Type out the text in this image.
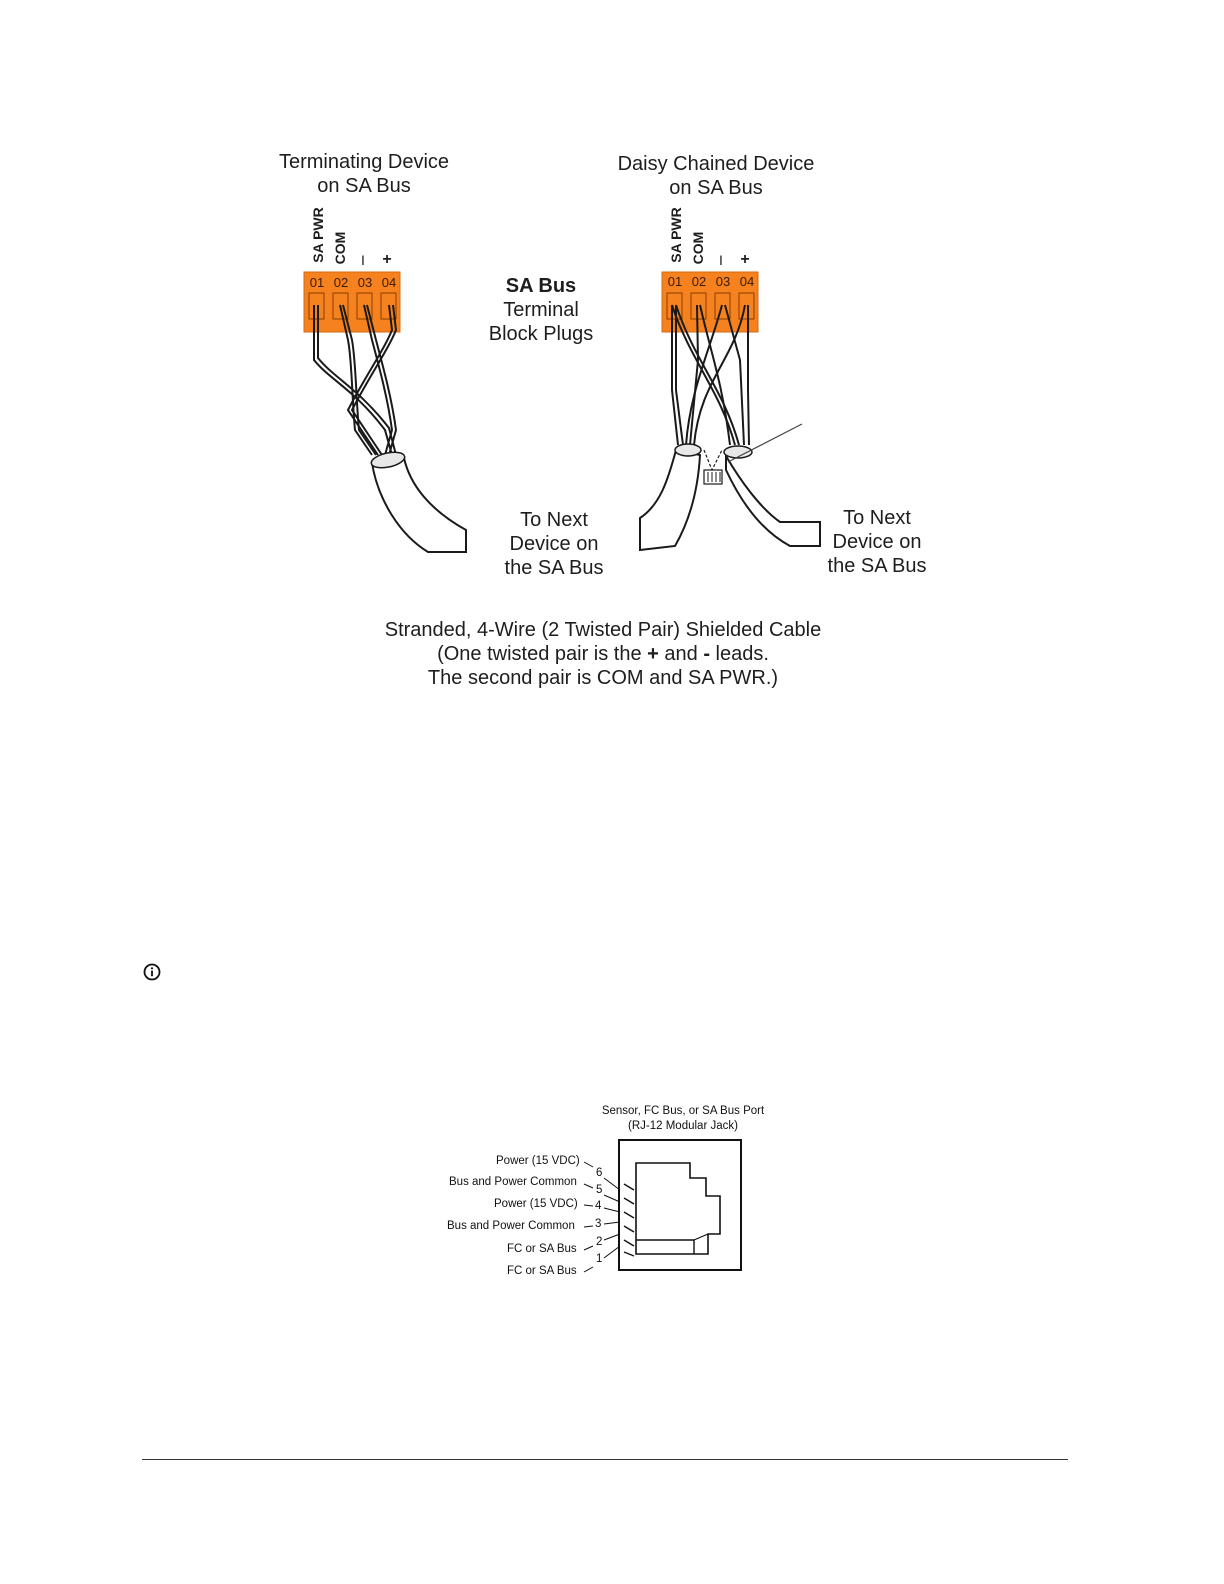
Terminating Device
on SA Bus
Daisy Chained Device
on SA Bus
SA PWR COM I	+	SA PWR COM I	+
01 02 03 04	01 02 03 04
SA Bus
Terminal
Block Plugs
To Next
Device on
the SA Bus
To Next
Device on
the SA Bus
Stranded, 4-Wire (2 Twisted Pair) Shielded Cable
(One twisted pair is the + and - leads.
The second pair is COM and SA PWR.)
Sensor, FC Bus, or SA Bus Port
(RJ-12 Modular Jack)
Power (15 VDC)
6
Bus and Power Common
5
Power (15 VDC) 4
Bus and Power Common 3
FC or SA Bus
2
FC or SA Bus
1
